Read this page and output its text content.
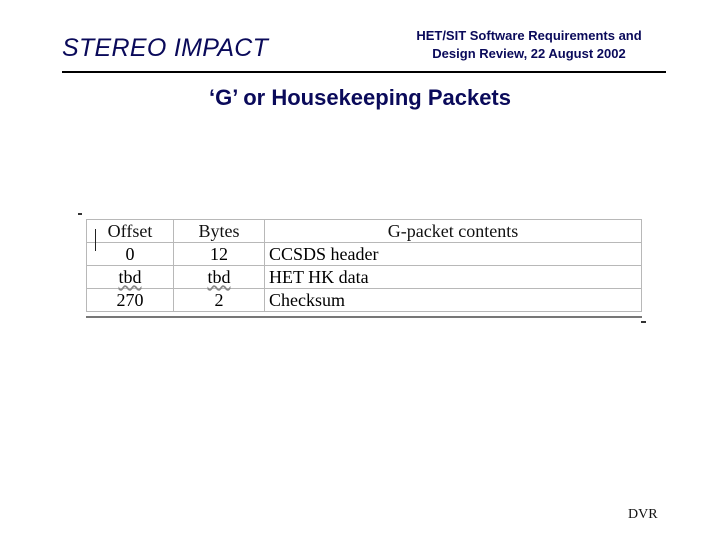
STEREO IMPACT	HET/SIT Software Requirements and
Design Review, 22 August 2002
‘G’ or Housekeeping Packets
Offset	Bytes	G-packet contents
0	12	CCSDS header
tbd	tbd	HET HK data
270	2	Checksum
DVR
